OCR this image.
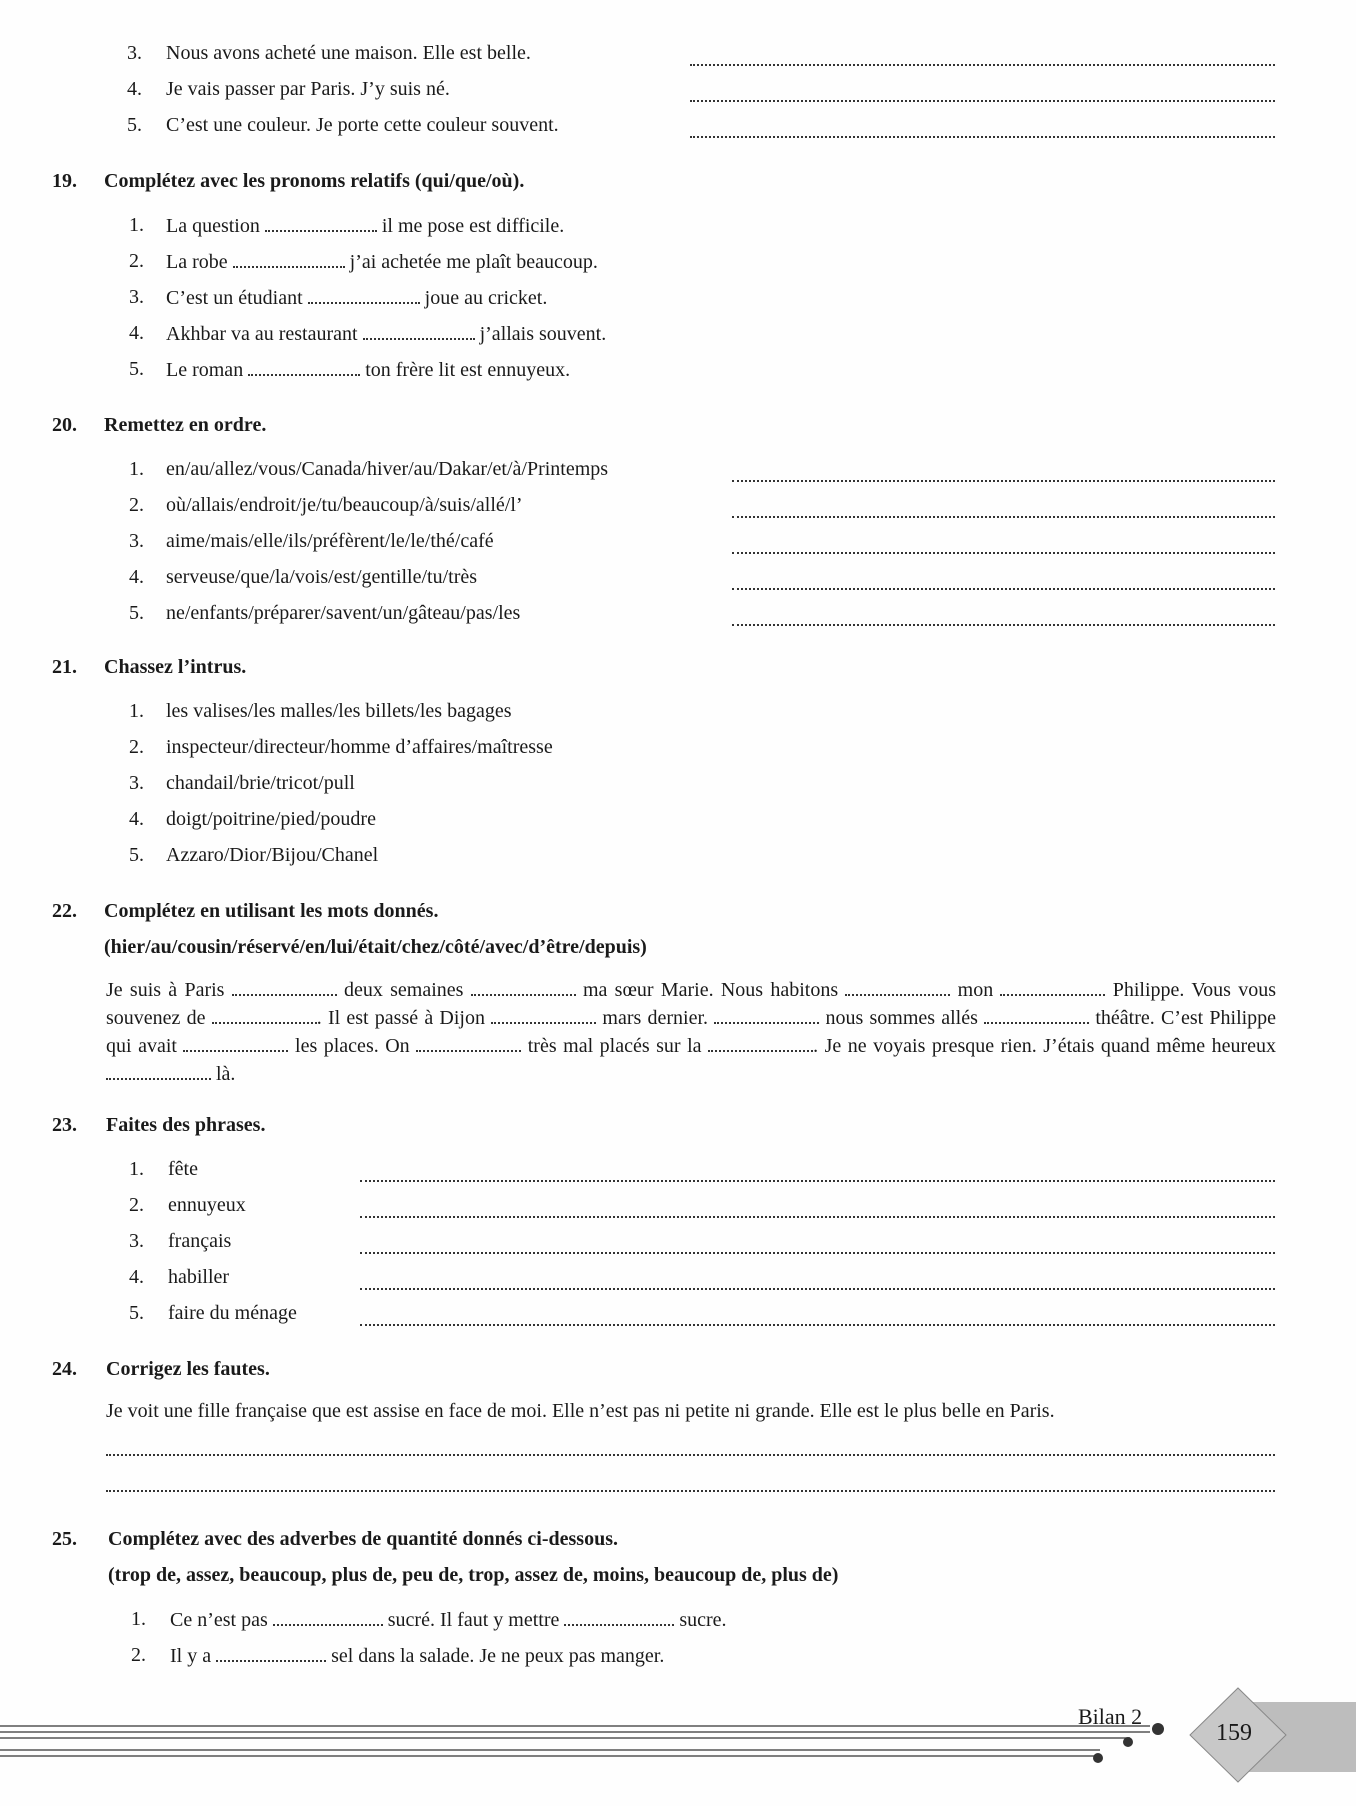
3. Nous avons acheté une maison. Elle est belle.
4. Je vais passer par Paris. J’y suis né.
5. C’est une couleur. Je porte cette couleur souvent.
19. Complétez avec les pronoms relatifs (qui/que/où).
1. La question	il me pose est difficile.
2. La robe	j’ai achetée me plaît beaucoup.
3. C’est un étudiant	joue au cricket.
4. Akhbar va au restaurant	j’allais souvent.
5. Le roman	ton frère lit est ennuyeux.
20. Remettez en ordre.
1. en/au/allez/vous/Canada/hiver/au/Dakar/et/à/Printemps
2. où/allais/endroit/je/tu/beaucoup/à/suis/allé/l’
3. aime/mais/elle/ils/préfèrent/le/le/thé/café
4. serveuse/que/la/vois/est/gentille/tu/très
5. ne/enfants/préparer/savent/un/gâteau/pas/les
21. Chassez l’intrus.
1. les valises/les malles/les billets/les bagages
2. inspecteur/directeur/homme d’affaires/maîtresse
3. chandail/brie/tricot/pull
4. doigt/poitrine/pied/poudre
5. Azzaro/Dior/Bijou/Chanel
22. Complétez en utilisant les mots donnés.
(hier/au/cousin/réservé/en/lui/était/chez/côté/avec/d’être/depuis)
Je suis à Paris	deux semaines	ma sœur Marie. Nous habitons	mon	Philippe. Vous vous souvenez de	. Il est passé à Dijon	mars dernier.	nous sommes allés	théâtre. C’est Philippe qui avait	les places. On	très mal placés sur la	. Je ne voyais presque rien. J’étais quand même heureux  là.
23. Faites des phrases.
1. fête
2. ennuyeux
3. français
4. habiller
5. faire du ménage
24. Corrigez les fautes.
Je voit une fille française que est assise en face de moi. Elle n’est pas ni petite ni grande. Elle est le plus belle en Paris.
25. Complétez avec des adverbes de quantité donnés ci-dessous.
(trop de, assez, beaucoup, plus de, peu de, trop, assez de, moins, beaucoup de, plus de)
1. Ce n’est pas	sucré. Il faut y mettre	sucre.
2. Il y a	sel dans la salade. Je ne peux pas manger.
Bilan 2
159
